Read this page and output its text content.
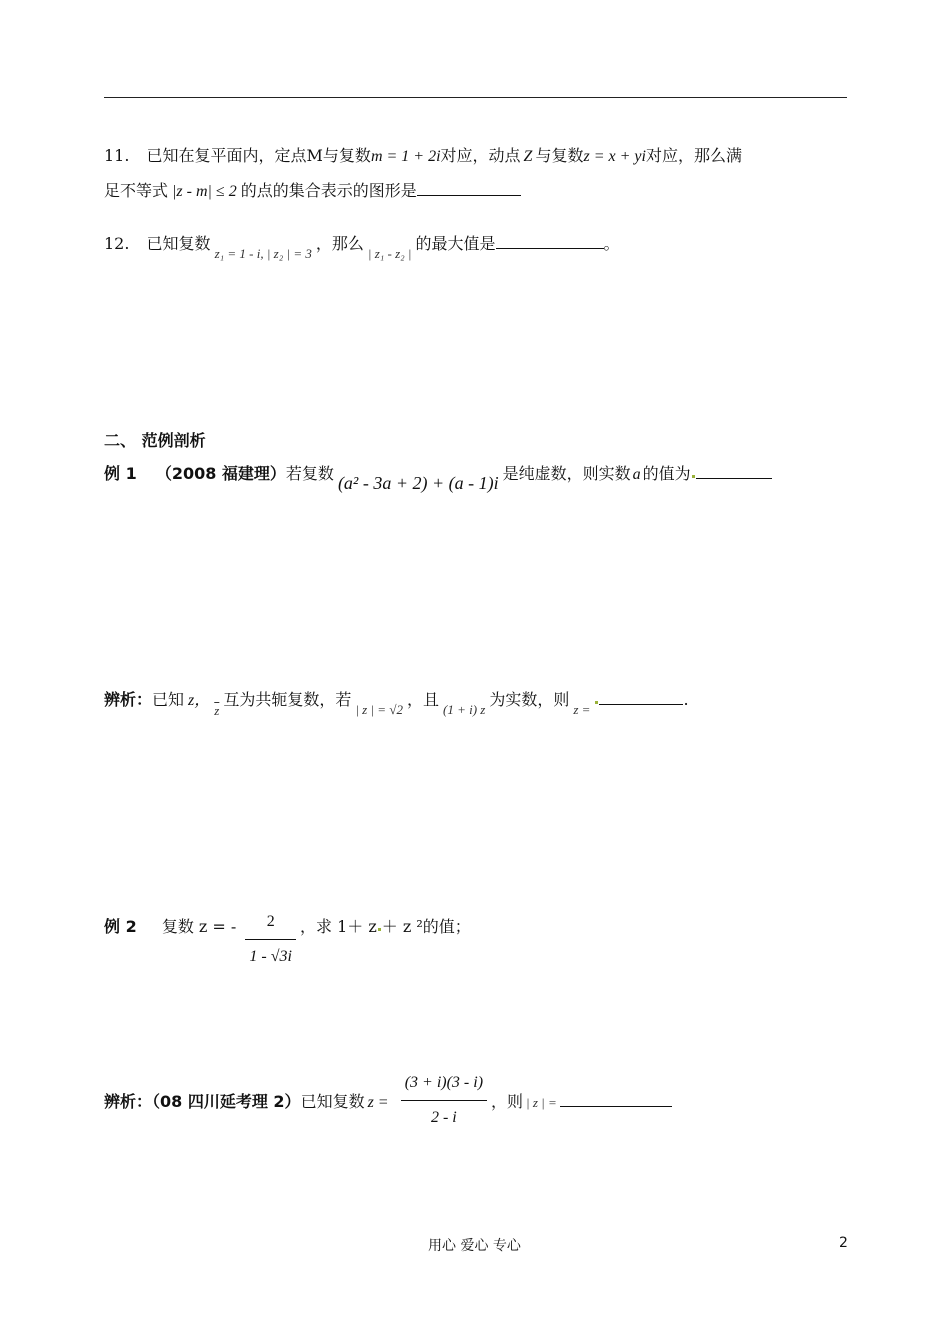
11. 已知在复平面内，定点M与复数m = 1 + 2i对应，动点 Z 与复数z = x + yi对应，那么满
足不等式 |z - m| ≤ 2 的点的集合表示的图形是
12. 已知复数$_{z_1 = 1 - i, | z_2 | = 3}$，那么$_{| z_1 - z_2 |}$的最大值是	。
二、 范例剖析
例 1 （2008 福建理）若复数 (a² - 3a + 2) + (a - 1)i 是纯虚数，则实数 a 的值为
辨析：已知 z，$_{\overline{z}}$互为共轭复数，若$_{| z | = √2}$，且$_{(1 + i) z}$为实数，则$_{z =}$.
例 2 复数 z = - $\frac{2}{1 - √3i}$ ，求 1＋ z ＋ z ²的值；
辨析：（08 四川延考理 2）已知复数 $z = \frac{(3 + i)(3 - i)}{2 - i}$ ，则 | z | =
用心 爱心 专心	2
